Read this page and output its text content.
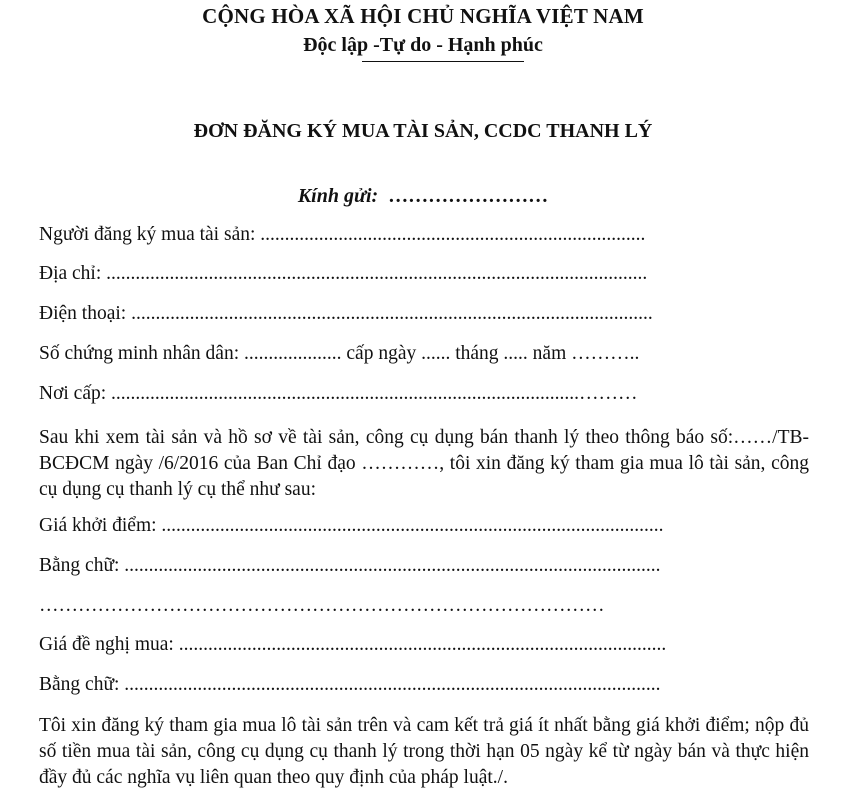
CỘNG HÒA XÃ HỘI CHỦ NGHĨA VIỆT NAM
Độc lập -Tự do - Hạnh phúc
ĐƠN ĐĂNG KÝ MUA TÀI SẢN, CCDC THANH LÝ
Kính gửi: ……………………
Người đăng ký mua tài sản: ...............................................................................
Địa chỉ: ...............................................................................................................
Điện thoại: ...........................................................................................................
Số chứng minh nhân dân: .................... cấp ngày ...... tháng ..... năm ………..
Nơi cấp: ................................................................................................………
Sau khi xem tài sản và hồ sơ về tài sản, công cụ dụng bán thanh lý theo thông báo số:……/TB-BCĐCM ngày /6/2016 của Ban Chỉ đạo …………, tôi xin đăng ký tham gia mua lô tài sản, công cụ dụng cụ thanh lý cụ thể như sau:
Giá khởi điểm: .......................................................................................................
Bằng chữ: ..............................................................................................................
……………………………………………………………………………
Giá đề nghị mua: ....................................................................................................
Bằng chữ: ..............................................................................................................
Tôi xin đăng ký tham gia mua lô tài sản trên và cam kết trả giá ít nhất bằng giá khởi điểm; nộp đủ số tiền mua tài sản, công cụ dụng cụ thanh lý trong thời hạn 05 ngày kể từ ngày bán và thực hiện đầy đủ các nghĩa vụ liên quan theo quy định của pháp luật./.
